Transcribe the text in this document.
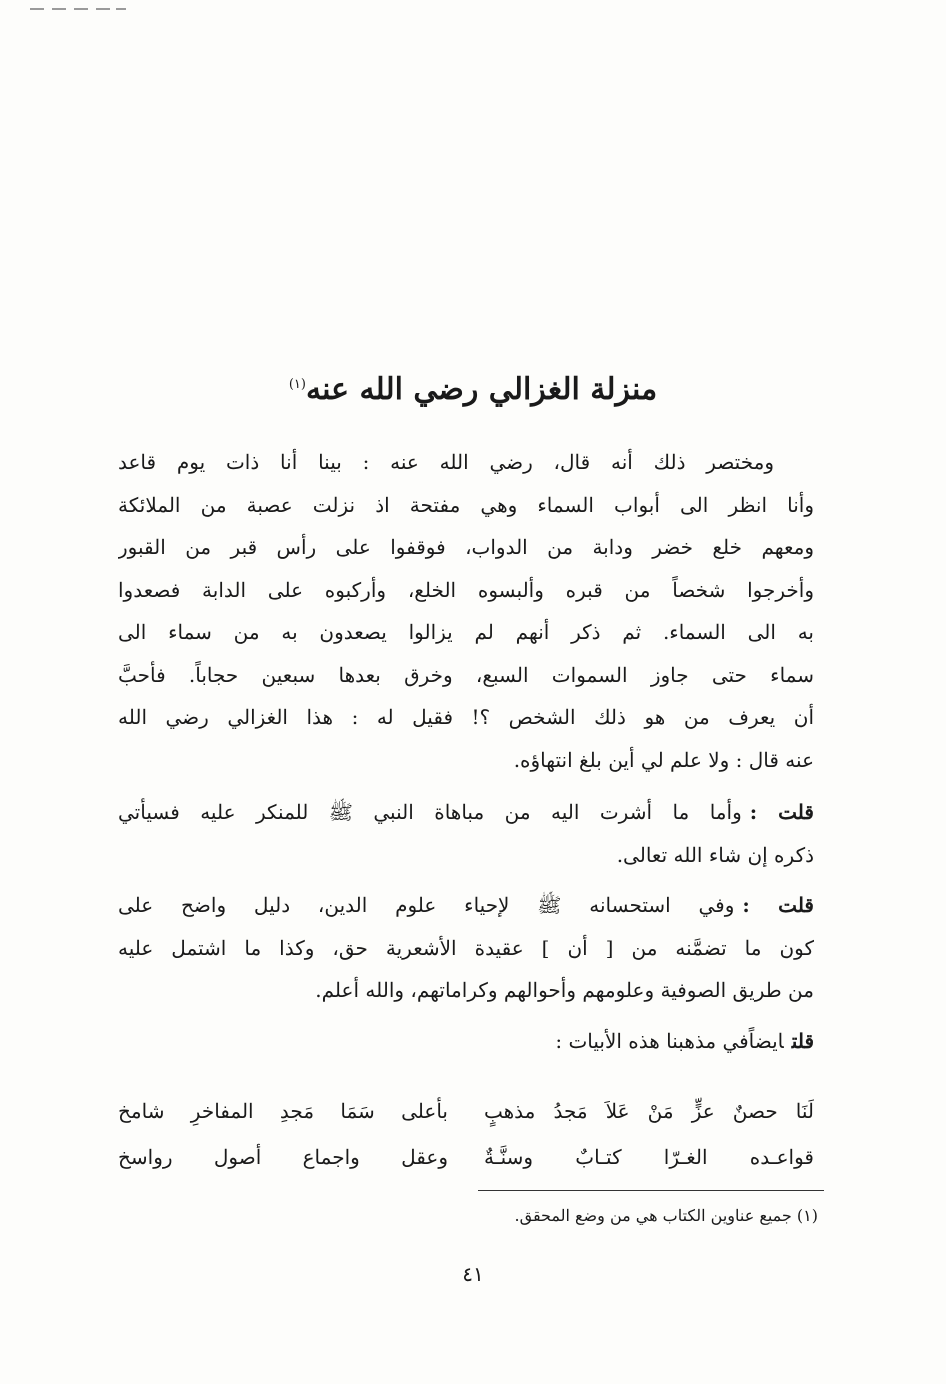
منزلة الغزالي رضي الله عنه$^{(١)}$
ومختصر ذلك أنه قال، رضي الله عنه : بينا أنا ذات يوم قاعد
وأنا انظر الى أبواب السماء وهي مفتحة اذ نزلت عصبة من الملائكة
ومعهم خلع خضر ودابة من الدواب، فوقفوا على رأس قبر من القبور
وأخرجوا شخصاً من قبره وألبسوه الخلع، وأركبوه على الدابة فصعدوا
به الى السماء. ثم ذكر أنهم لم يزالوا يصعدون به من سماء الى
سماء حتى جاوز السموات السبع، وخرق بعدها سبعين حجاباً. فأحبَّ
أن يعرف من هو ذلك الشخص ؟! فقيل له : هذا الغزالي رضي الله
عنه قال : ولا علم لي أين بلغ انتهاؤه.
قلت :وأما ما أشرت اليه من مباهاة النبي ﷺ للمنكر عليه فسيأتي
ذكره إن شاء الله تعالى.
قلت :وفي استحسانه ﷺ لإحياء علوم الدين، دليل واضح على
كون ما تضمَّنه من [ أن ] عقيدة الأشعرية حق، وكذا ما اشتمل عليه
من طريق الصوفية وعلومهم وأحوالهم وكراماتهم، والله أعلم.
قلتايضاًفي مذهبنا هذه الأبيات :
لَنَا حصنٌ عزٍّ مَنْ عَلاَ مَجدُ مذهبٍ
بأعلى سَمَا مَجدِ المفاخرِ شامخ
قواعـده الغـرّا كتـابٌ وسنَّـةٌ
وعقل واجماع أصول رواسخ
(١) جميع عناوين الكتاب هي من وضع المحقق.
٤١
